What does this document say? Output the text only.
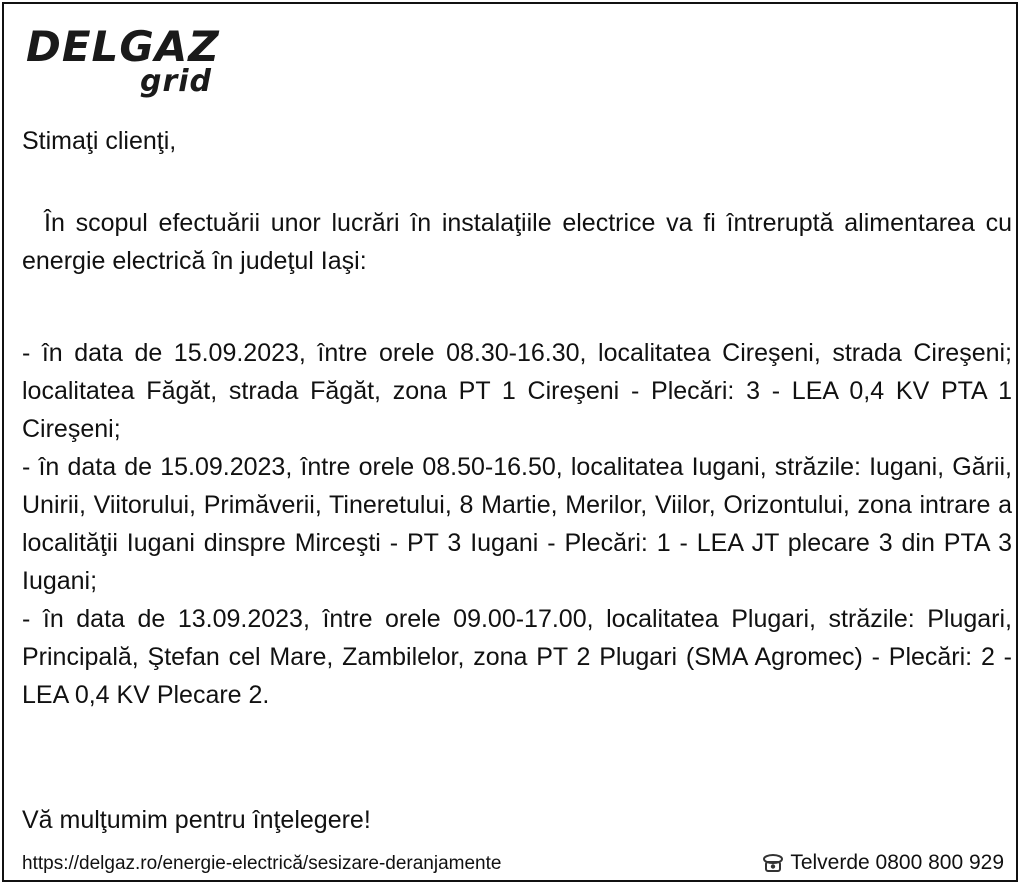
DELGAZ
grid
Stimaţi clienţi,
În scopul efectuării unor lucrări în instalaţiile electrice va fi întreruptă alimentarea cu energie electrică în judeţul Iaşi:
- în data de 15.09.2023, între orele 08.30-16.30, localitatea Cireşeni, strada Cireşeni; localitatea Făgăt, strada Făgăt, zona PT 1 Cireşeni - Plecări: 3 - LEA 0,4 KV PTA 1 Cireşeni;
- în data de 15.09.2023, între orele 08.50-16.50, localitatea Iugani, străzile: Iugani, Gării, Unirii, Viitorului, Primăverii, Tineretului, 8 Martie, Merilor, Viilor, Orizontului, zona intrare a localităţii Iugani dinspre Mirceşti - PT 3 Iugani - Plecări: 1 - LEA JT plecare 3 din PTA 3 Iugani;
- în data de 13.09.2023, între orele 09.00-17.00, localitatea Plugari, străzile: Plugari, Principală, Ştefan cel Mare, Zambilelor, zona PT 2 Plugari (SMA Agromec) - Plecări: 2 - LEA 0,4 KV Plecare 2.
Vă mulţumim pentru înţelegere!
https://delgaz.ro/energie-electrică/sesizare-deranjamente	Telverde 0800 800 929
